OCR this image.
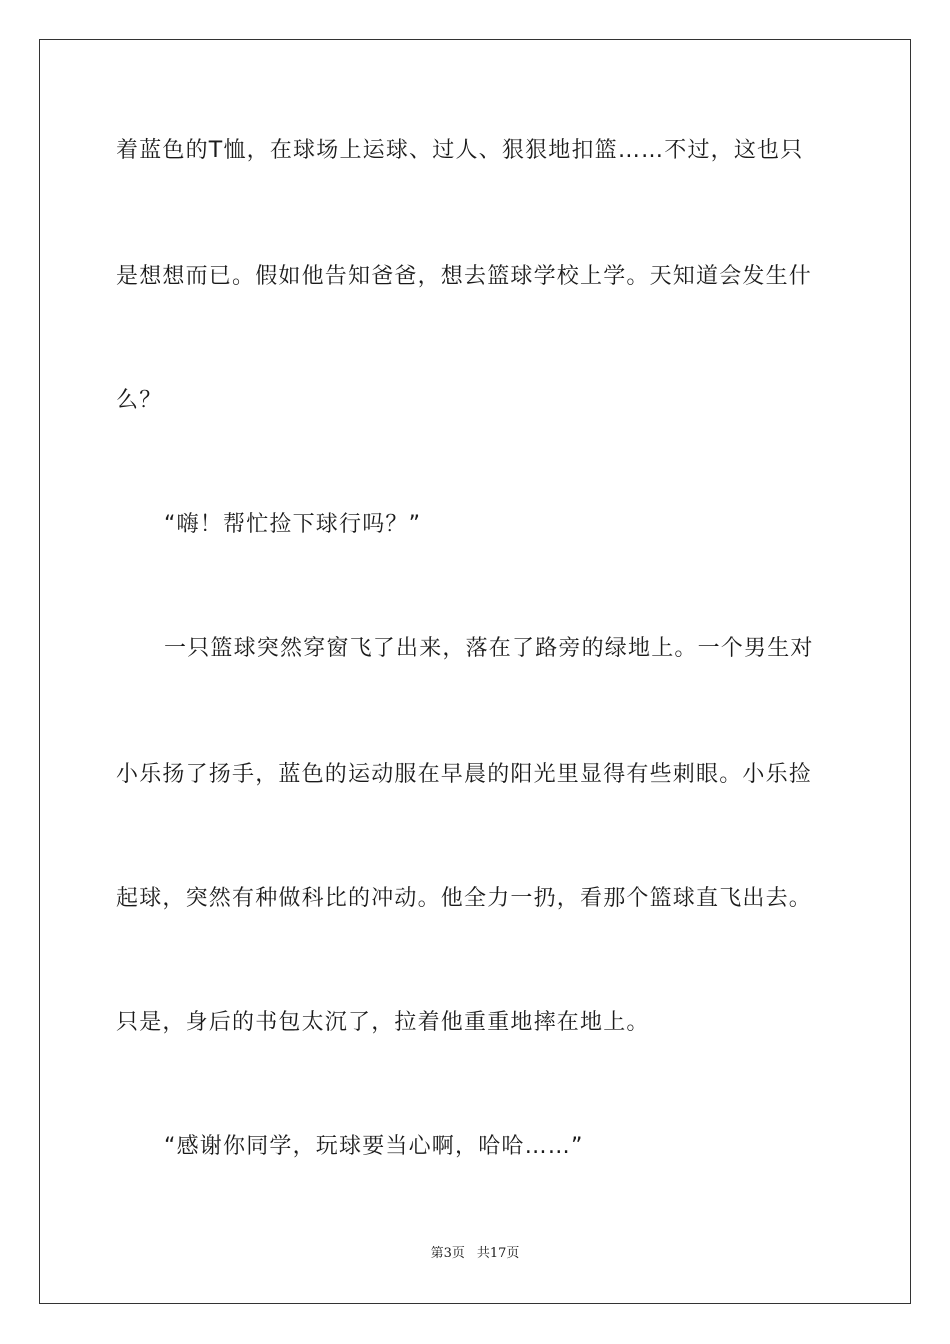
着蓝色的T恤，在球场上运球、过人、狠狠地扣篮……不过，这也只
是想想而已。假如他告知爸爸，想去篮球学校上学。天知道会发生什
么？
“嗨！帮忙捡下球行吗？”
一只篮球突然穿窗飞了出来，落在了路旁的绿地上。一个男生对
小乐扬了扬手，蓝色的运动服在早晨的阳光里显得有些刺眼。小乐捡
起球，突然有种做科比的冲动。他全力一扔，看那个篮球直飞出去。
只是，身后的书包太沉了，拉着他重重地摔在地上。
“感谢你同学，玩球要当心啊，哈哈……”
第3页 共17页
